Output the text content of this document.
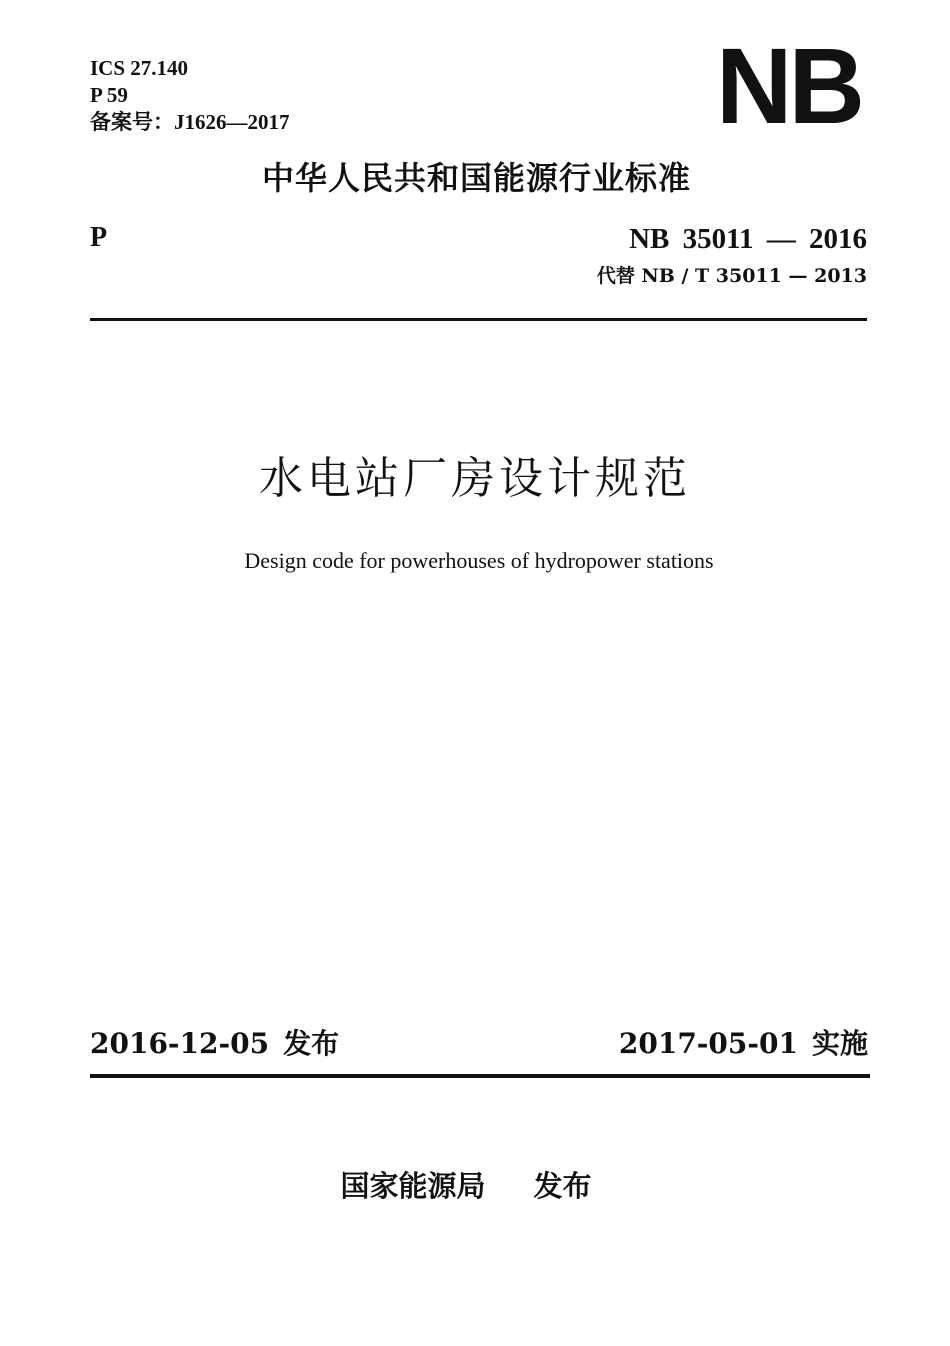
ICS 27.140
P 59
备案号：J1626—2017	NB
中华人民共和国能源行业标准
P	NB 35011 — 2016
代替 NB / T 35011 — 2013
水电站厂房设计规范
Design code for powerhouses of hydropower stations
2016-12-05 发布	2017-05-01 实施
国家能源局 发布
